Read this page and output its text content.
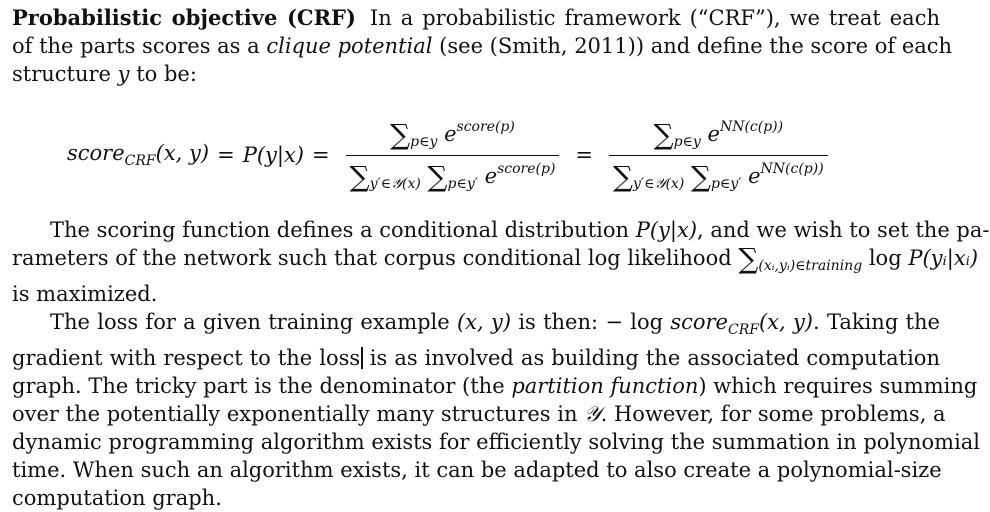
Probabilistic objective (CRF) In a probabilistic framework (“CRF”), we treat each
of the parts scores as a clique potential (see (Smith, 2011)) and define the score of each
structure y to be:
score$_{CRF}$(x, $y) = P(y|x) = \frac{\sum_{p\in y} e^{score(p)}}{\sum_{y'\in 𝒴(x)} \sum_{p\in y'} e^{score(p)}} = \frac{\sum_{p\in y} e^{NN(c(p))}}{\sum_{y'\in 𝒴(x)} \sum_{p\in y'} e^{NN(c(p))}}$
The scoring function defines a conditional distribution P(y|x), and we wish to set the pa-
rameters of the network such that corpus conditional log likelihood $\sum_{(xᵢ,yᵢ)\in training}$ log P(yᵢ|xᵢ)
is maximized.
The loss for a given training example (x, y) is then: − log score$_{CRF}$(x, y). Taking the
gradient with respect to the loss is as involved as building the associated computation
graph. The tricky part is the denominator (the partition function) which requires summing
over the potentially exponentially many structures in 𝒴. However, for some problems, a
dynamic programming algorithm exists for efficiently solving the summation in polynomial
time. When such an algorithm exists, it can be adapted to also create a polynomial-size
computation graph.
